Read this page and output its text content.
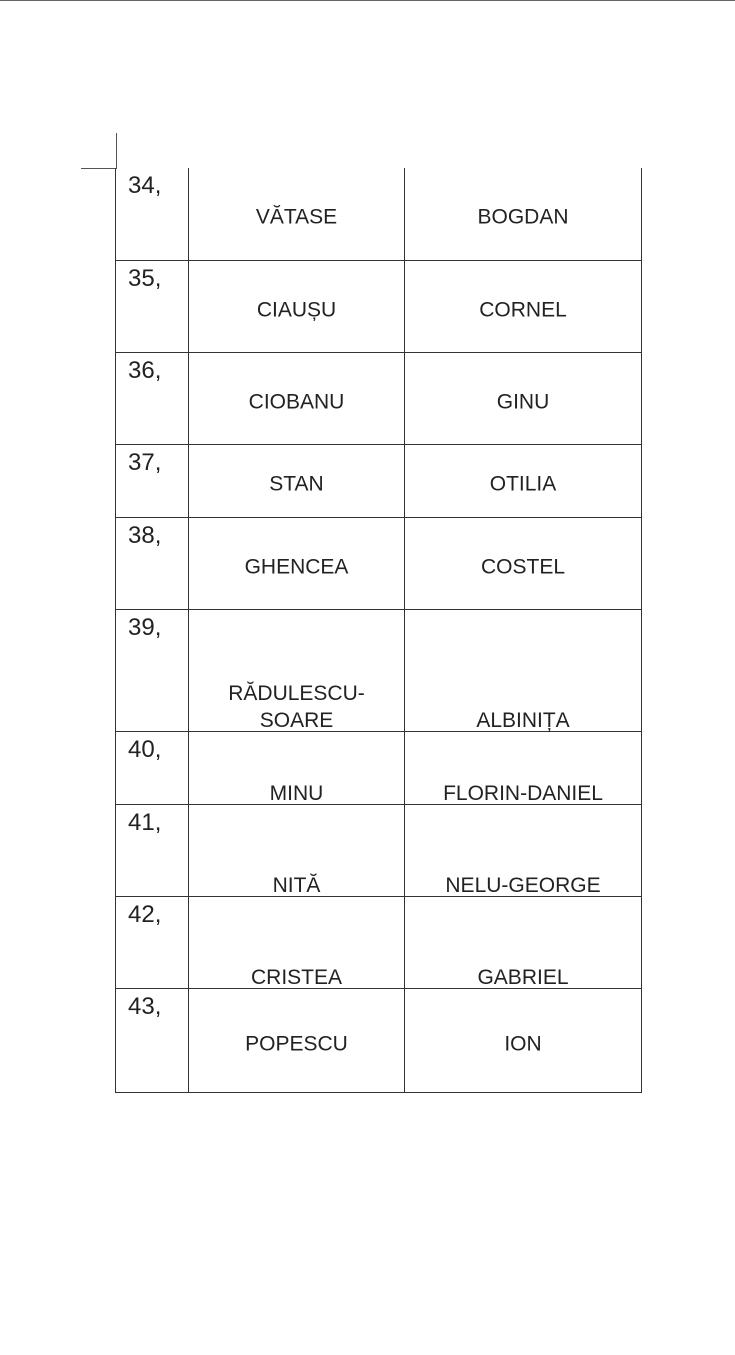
34,
VĂTASE	BOGDAN
35,
CIAUȘU	CORNEL
36,
CIOBANU	GINU
37,
STAN	OTILIA
38,
GHENCEA	COSTEL
39,
RĂDULESCU-
SOARE	ALBINIȚA
40,
MINU	FLORIN-DANIEL
41,
NITĂ	NELU-GEORGE
42,
CRISTEA	GABRIEL
43,
POPESCU	ION
